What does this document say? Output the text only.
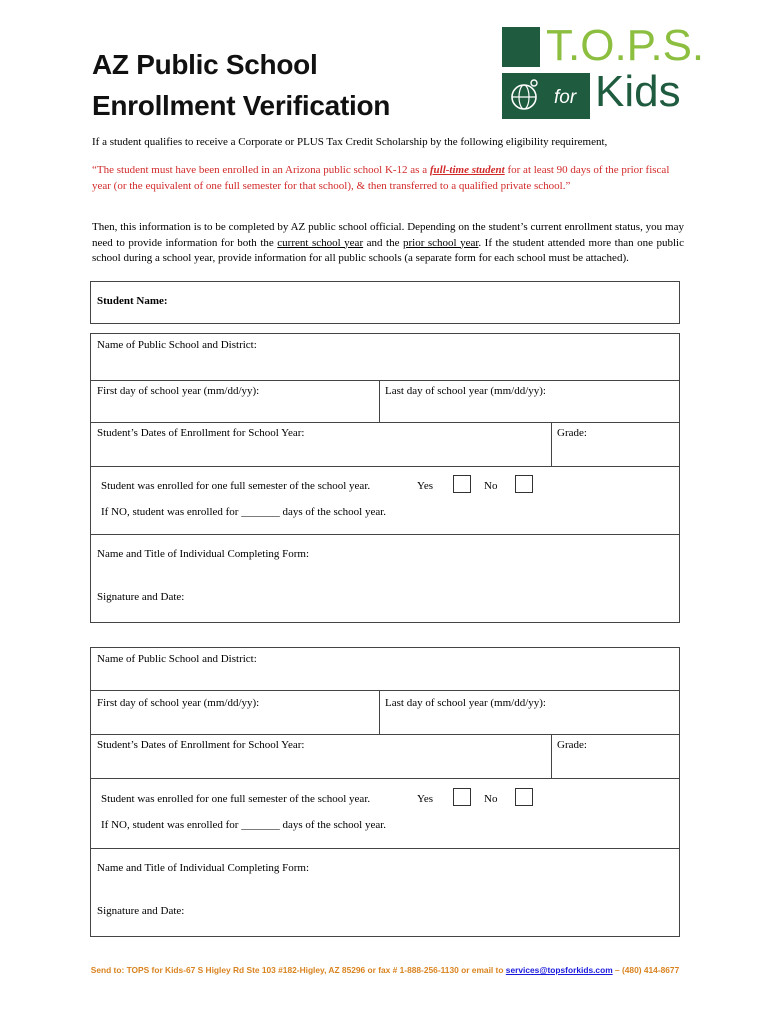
AZ Public School
Enrollment Verification
T.O.P.S.
for Kids

If a student qualifies to receive a Corporate or PLUS Tax Credit Scholarship by the following eligibility requirement,

“The student must have been enrolled in an Arizona public school K-12 as a full-time student for at least 90 days of the prior fiscal year (or the equivalent of one full semester for that school), & then transferred to a qualified private school.”

Then, this information is to be completed by AZ public school official. Depending on the student’s current enrollment status, you may need to provide information for both the current school year and the prior school year. If the student attended more than one public school during a school year, provide information for all public schools (a separate form for each school must be attached).

Student Name:
Name of Public School and District:
First day of school year (mm/dd/yy):	Last day of school year (mm/dd/yy):
Student’s Dates of Enrollment for School Year:	Grade:
Student was enrolled for one full semester of the school year.	Yes	No
If NO, student was enrolled for _______ days of the school year.
Name and Title of Individual Completing Form:
Signature and Date:
Name of Public School and District:
First day of school year (mm/dd/yy):	Last day of school year (mm/dd/yy):
Student’s Dates of Enrollment for School Year:	Grade:
Student was enrolled for one full semester of the school year.	Yes	No
If NO, student was enrolled for _______ days of the school year.
Name and Title of Individual Completing Form:
Signature and Date:
Send to: TOPS for Kids-67 S Higley Rd Ste 103 #182-Higley, AZ 85296 or fax # 1-888-256-1130 or email to services@topsforkids.com – (480) 414-8677
